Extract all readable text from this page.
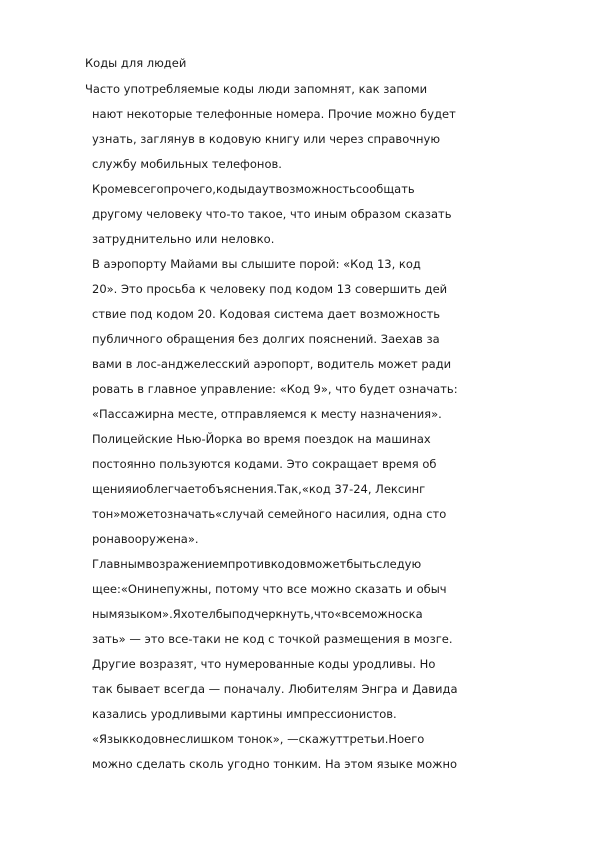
Коды для людей
Часто употребляемые коды люди запомнят, как запоми
нают некоторые телефонные номера. Прочие можно будет
узнать, заглянув в кодовую книгу или через справочную
службу мобильных телефонов.
Кромевсегопрочего,кодыдаутвозможностьсообщать
другому человеку что-то такое, что иным образом сказать
затруднительно или неловко.
В аэропорту Майами вы слышите порой: «Код 13, код
20». Это просьба к человеку под кодом 13 совершить дей
ствие под кодом 20. Кодовая система дает возможность
публичного обращения без долгих пояснений. Заехав за
вами в лос-анджелесский аэропорт, водитель может ради
ровать в главное управление: «Код 9», что будет означать:
«Пассажирна месте, отправляемся к месту назначения».
Полицейские Нью-Йорка во время поездок на машинах
постоянно пользуются кодами. Это сокращает время об
щенияиоблегчаетобъяснения.Так,«код 37-24, Лексинг
тон»можетозначать«случай семейного насилия, одна сто
ронавооружена».
Главнымвозражениемпротивкодовможетбытьследую
щее:«Онинепужны, потому что все можно сказать и обыч
нымязыком».Яхотелбыподчеркнуть,что«всеможноска
зать» — это все-таки не код с точкой размещения в мозге.
Другие возразят, что нумерованные коды уродливы. Но
так бывает всегда — поначалу. Любителям Энгра и Давида
казались уродливыми картины импрессионистов.
«Языккодовнеслишком тонок», —скажуттретьи.Ноего
можно сделать сколь угодно тонким. На этом языке можно
